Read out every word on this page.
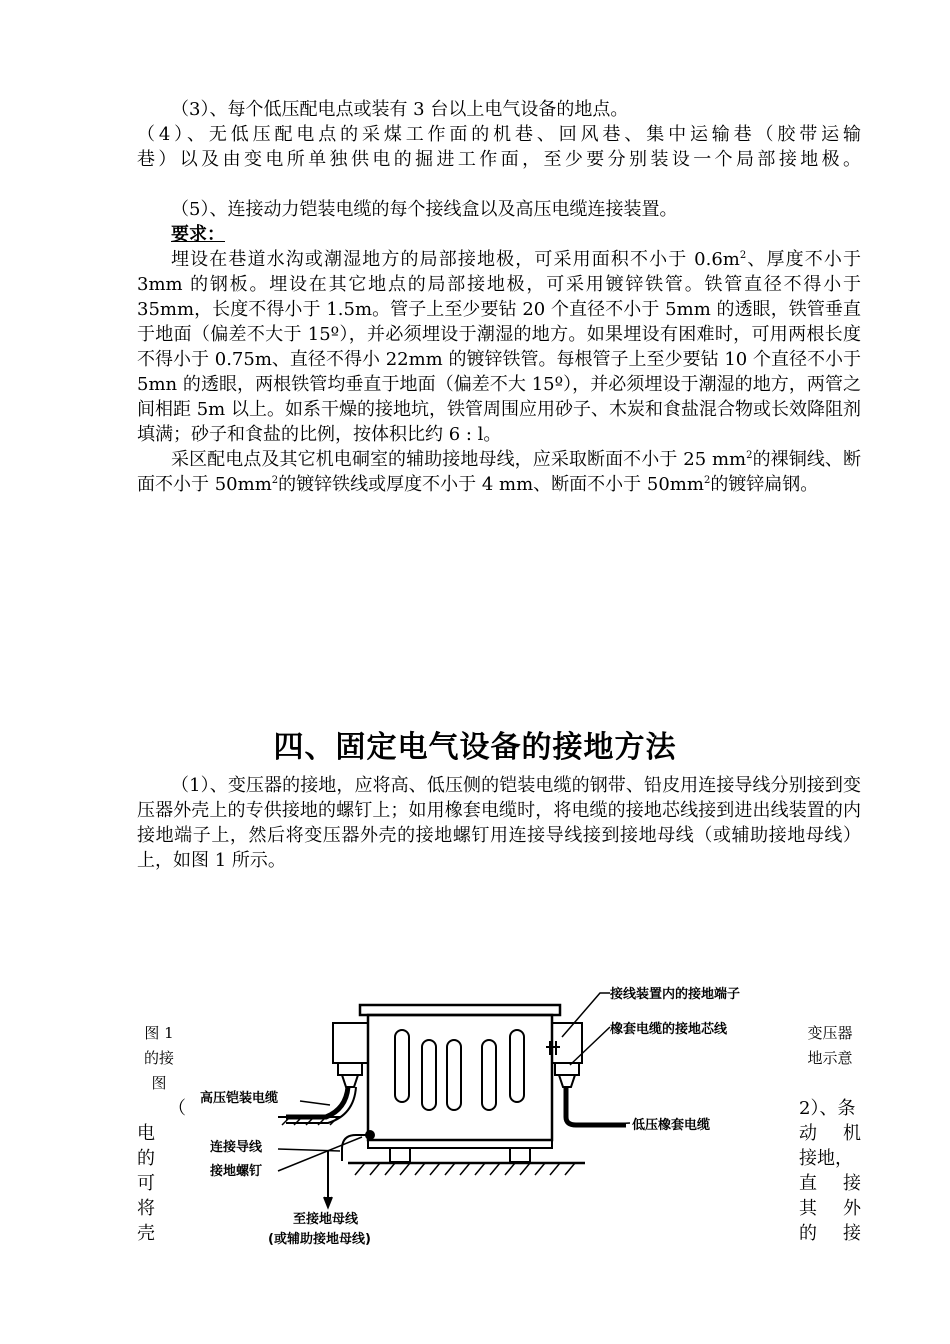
（3）、每个低压配电点或装有 3 台以上电气设备的地点。

（4）、无低压配电点的采煤工作面的机巷、回风巷、集中运输巷（胶带运输

巷）以及由变电所单独供电的掘进工作面，至少要分别装设一个局部接地极。

（5）、连接动力铠装电缆的每个接线盒以及高压电缆连接装置。

要求：

埋设在巷道水沟或潮湿地方的局部接地极，可采用面积不小于 $0.6m^2$、厚度不小于 3mm 的钢板。埋设在其它地点的局部接地极，可采用镀锌铁管。铁管直径不得小于 35mm，长度不得小于 1.5m。管子上至少要钻 20 个直径不小于 5mm 的透眼，铁管垂直于地面（偏差不大于 15º），并必须埋设于潮湿的地方。如果埋设有困难时，可用两根长度不得小于 0.75m、直径不得小 22mm 的镀锌铁管。每根管子上至少要钻 10 个直径不小于 5mn 的透眼，两根铁管均垂直于地面（偏差不大 15º），并必须埋设于潮湿的地方，两管之间相距 5m 以上。如系干燥的接地坑，铁管周围应用砂子、木炭和食盐混合物或长效降阻剂填满；砂子和食盐的比例，按体积比约 6 : l。

采区配电点及其它机电硐室的辅助接地母线，应采取断面不小于 25 $mm^2$的裸铜线、断面不小于 $50mm^2$的镀锌铁线或厚度不小于 4 mm、断面不小于 $50mm^2$的镀锌扁钢。

四、固定电气设备的接地方法

（1）、变压器的接地，应将高、低压侧的铠装电缆的钢带、铅皮用连接导线分别接到变压器外壳上的专供接地的螺钉上；如用橡套电缆时，将电缆的接地芯线接到进出线装置的内接地端子上，然后将变压器外壳的接地螺钉用连接导线接到接地母线（或辅助接地母线）上，如图 1 所示。

图 1
的接
图
（
电
的
可
将
壳
变压器
地示意
2）、条
动 机
接地，
直 接
其 外
的 接
接线装置内的接地端子
橡套电缆的接地芯线
高压铠装电缆
低压橡套电缆
连接导线
接地螺钉
至接地母线
(或辅助接地母线)
